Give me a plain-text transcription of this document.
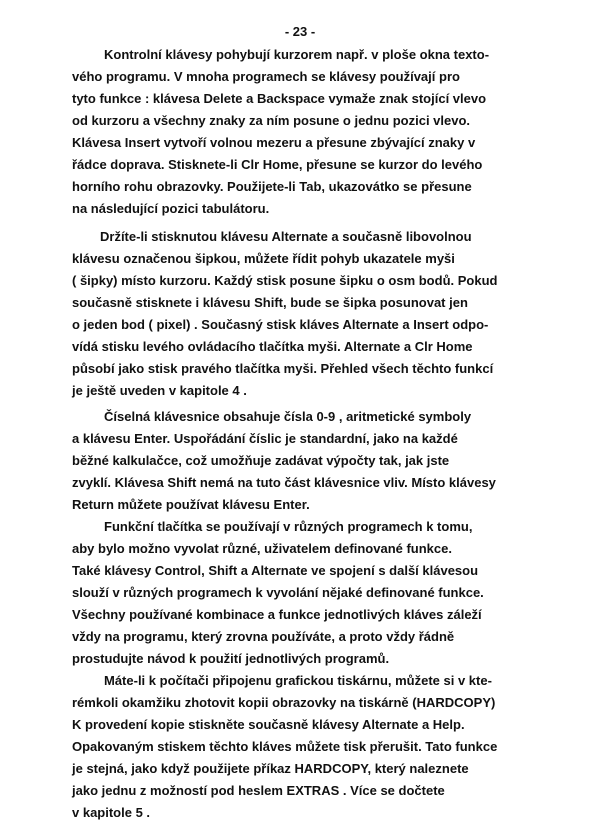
- 23 -
Kontrolní klávesy pohybují kurzorem např. v ploše okna texto-
vého programu. V mnoha programech se klávesy používají pro
tyto funkce : klávesa Delete a Backspace vymaže znak stojící vlevo
od kurzoru a všechny znaky za ním posune o jednu pozici vlevo.
Klávesa Insert vytvoří volnou mezeru a přesune zbývající znaky v
řádce doprava. Stisknete-li Clr Home, přesune se kurzor do levého
horního rohu obrazovky. Použijete-li Tab, ukazovátko se přesune
na následující pozici tabulátoru.
Držíte-li stisknutou klávesu Alternate a současně libovolnou
klávesu označenou šipkou, můžete řídit pohyb ukazatele myši
( šipky) místo kurzoru. Každý stisk posune šipku o osm bodů. Pokud
současně stisknete i klávesu Shift, bude se šipka posunovat jen
o jeden bod ( pixel) . Současný stisk kláves Alternate a Insert odpo-
vídá stisku levého ovládacího tlačítka myši. Alternate a Clr Home
působí jako stisk pravého tlačítka myši. Přehled všech těchto funkcí
je ještě uveden v kapitole 4 .
Číselná klávesnice obsahuje čísla 0-9 , aritmetické symboly
a klávesu Enter. Uspořádání číslic je standardní, jako na každé
běžné kalkulačce, což umožňuje zadávat výpočty tak, jak jste
zvyklí. Klávesa Shift nemá na tuto část klávesnice vliv. Místo klávesy
Return můžete používat klávesu Enter.
Funkční tlačítka se používají v různých programech k tomu,
aby bylo možno vyvolat různé, uživatelem definované funkce.
Také klávesy Control, Shift a Alternate ve spojení s další klávesou
slouží v různých programech k vyvolání nějaké definované funkce.
Všechny používané kombinace a funkce jednotlivých kláves záleží
vždy na programu, který zrovna používáte, a proto vždy řádně
prostudujte návod k použití jednotlivých programů.
Máte-li k počítači připojenu grafickou tiskárnu, můžete si v kte-
rémkoli okamžiku zhotovit kopii obrazovky na tiskárně (HARDCOPY)
K provedení kopie stiskněte současně klávesy Alternate a Help.
Opakovaným stiskem těchto kláves můžete tisk přerušit. Tato funkce
je stejná, jako když použijete příkaz HARDCOPY, který naleznete
jako jednu z možností pod heslem EXTRAS . Více se dočtete
v kapitole 5 .
